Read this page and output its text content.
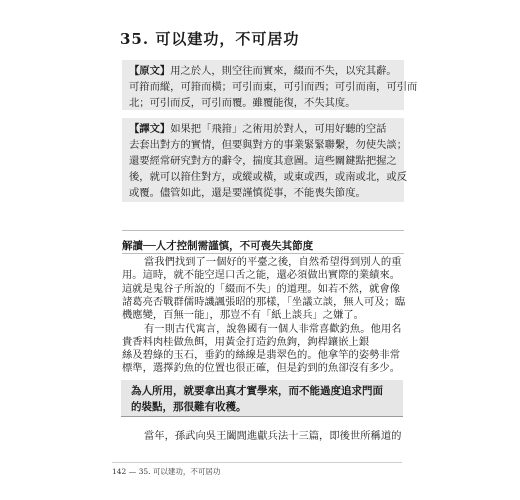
35. 可以建功，不可居功
【原文】用之於人，則空往而實來，綴而不失，以究其辭。
可箝而縱，可箝而橫；可引而東，可引而西；可引而南，可引而
北；可引而反，可引而覆。雖覆能復，不失其度。
【譯文】如果把「飛箝」之術用於對人，可用好聽的空話
去套出對方的實情，但要與對方的事業緊緊聯繫，勿使失談；
還要經常研究對方的辭令，揣度其意圖。這些關鍵點把握之
後，就可以箝住對方，或縱或橫，或東或西，或南或北，或反
或覆。儘管如此，還是要謹慎從事，不能喪失節度。
解讀──人才控制需謹慎，不可喪失其節度
當我們找到了一個好的平臺之後，自然希望得到別人的重
用。這時，就不能空逞口舌之能，還必須做出實際的業績來。
這就是鬼谷子所說的「綴而不失」的道理。如若不然，就會像
諸葛亮否戰群儒時譏諷張昭的那樣，「坐議立談，無人可及；臨
機應變，百無一能」，那豈不有「紙上談兵」之嫌了。
有一則古代寓言，說魯國有一個人非常喜歡釣魚。他用名
貴香料肉桂做魚餌，用黃金打造釣魚鉤，鉤桿鑲嵌上銀
絲及碧綠的玉石，垂釣的絲線是翡翠色的。他拿竿的姿勢非常
標準，選擇釣魚的位置也很正確，但是釣到的魚卻沒有多少。
為人所用，就要拿出真才實學來，而不能過度追求門面
的裝點，那很難有收穫。
當年，孫武向吳王闔閭進獻兵法十三篇，即後世所稱道的
142 — 35. 可以建功，不可居功
